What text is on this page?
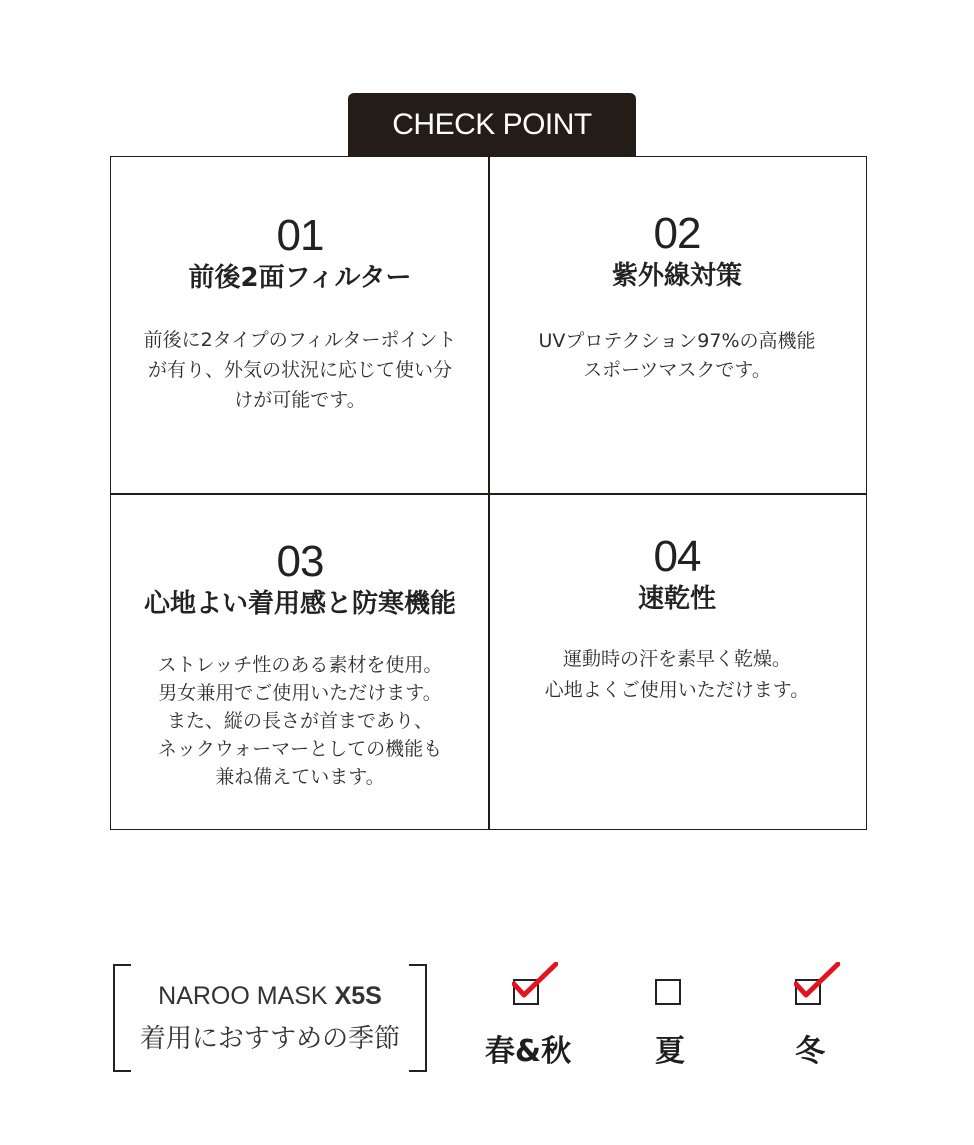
CHECK POINT
01
前後2面フィルター
前後に2タイプのフィルターポイント
が有り、外気の状況に応じて使い分
けが可能です。
02
紫外線対策
UVプロテクション97%の高機能
スポーツマスクです。
03
心地よい着用感と防寒機能
ストレッチ性のある素材を使用。
男女兼用でご使用いただけます。
また、縦の長さが首まであり、
ネックウォーマーとしての機能も
兼ね備えています。
04
速乾性
運動時の汗を素早く乾燥。
心地よくご使用いただけます。
NAROO MASK X5S
着用におすすめの季節	春&秋	夏	冬
